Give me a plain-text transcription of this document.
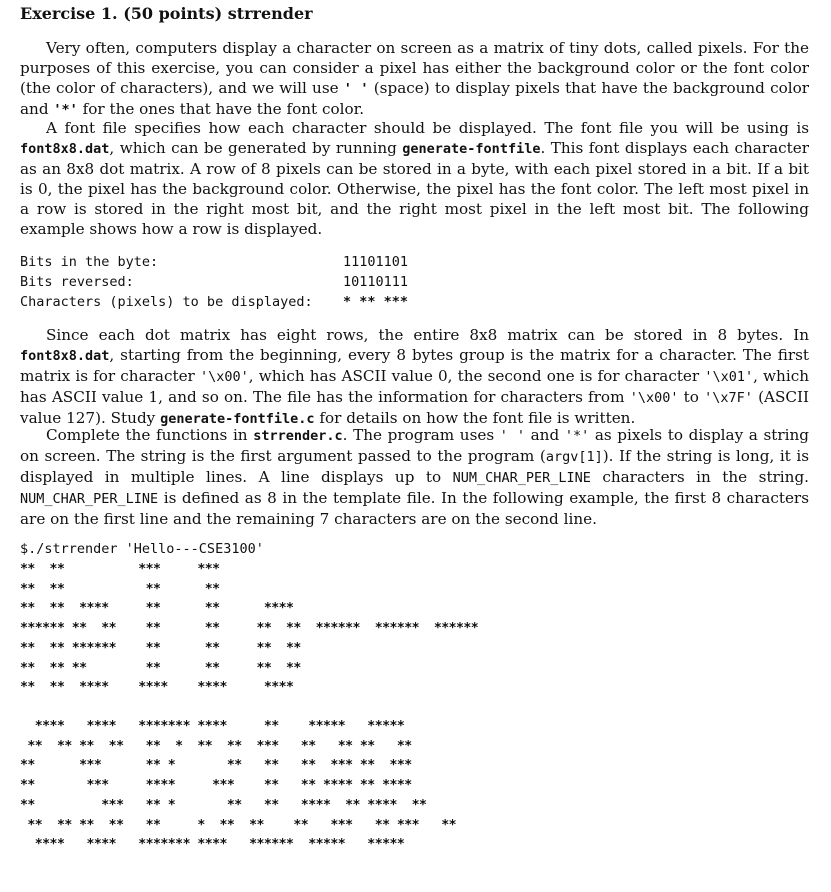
Exercise 1. (50 points) strrender
Very often, computers display a character on screen as a matrix of tiny dots, called pixels. For the purposes of this exercise, you can consider a pixel has either the background color or the font color (the color of characters), and we will use ' ' (space) to display pixels that have the background color and '*' for the ones that have the font color.
A font file specifies how each character should be displayed. The font file you will be using is font8x8.dat, which can be generated by running generate-fontfile. This font displays each character as an 8x8 dot matrix. A row of 8 pixels can be stored in a byte, with each pixel stored in a bit. If a bit is 0, the pixel has the background color. Otherwise, the pixel has the font color. The left most pixel in a row is stored in the right most bit, and the right most pixel in the left most bit. The following example shows how a row is displayed.
Bits in the byte:	11101101
Bits reversed:	10110111
Characters (pixels) to be displayed: * ** ***
Since each dot matrix has eight rows, the entire 8x8 matrix can be stored in 8 bytes. In font8x8.dat, starting from the beginning, every 8 bytes group is the matrix for a character. The first matrix is for character '\x00', which has ASCII value 0, the second one is for character '\x01', which has ASCII value 1, and so on. The file has the information for characters from '\x00' to '\x7F' (ASCII value 127). Study generate-fontfile.c for details on how the font file is written.
Complete the functions in strrender.c. The program uses ' ' and '*' as pixels to display a string on screen. The string is the first argument passed to the program (argv[1]). If the string is long, it is displayed in multiple lines. A line displays up to NUM_CHAR_PER_LINE characters in the string. NUM_CHAR_PER_LINE is defined as 8 in the template file. In the following example, the first 8 characters are on the first line and the remaining 7 characters are on the second line.
$./strrender 'Hello---CSE3100'
**  **          ***     ***
**  **           **      **
**  **  ****     **      **      ****
****** **  **    **      **     **  **  ******  ******  ******
**  ** ******    **      **     **  **
**  ** **        **      **     **  **
**  **  ****    ****    ****     ****
****   ****   ******* ****     **    *****   *****
**  ** **  **   **  *  **  **  ***   **   ** **   **
**      ***      ** *       **   **   **  *** **  ***
**       ***     ****     ***    **   ** **** ** ****
**         ***   ** *       **   **   ****  ** ****  **
**  ** **  **   **     *  **  **    **   ***   ** ***   **
****   ****   ******* ****   ******  *****   *****
